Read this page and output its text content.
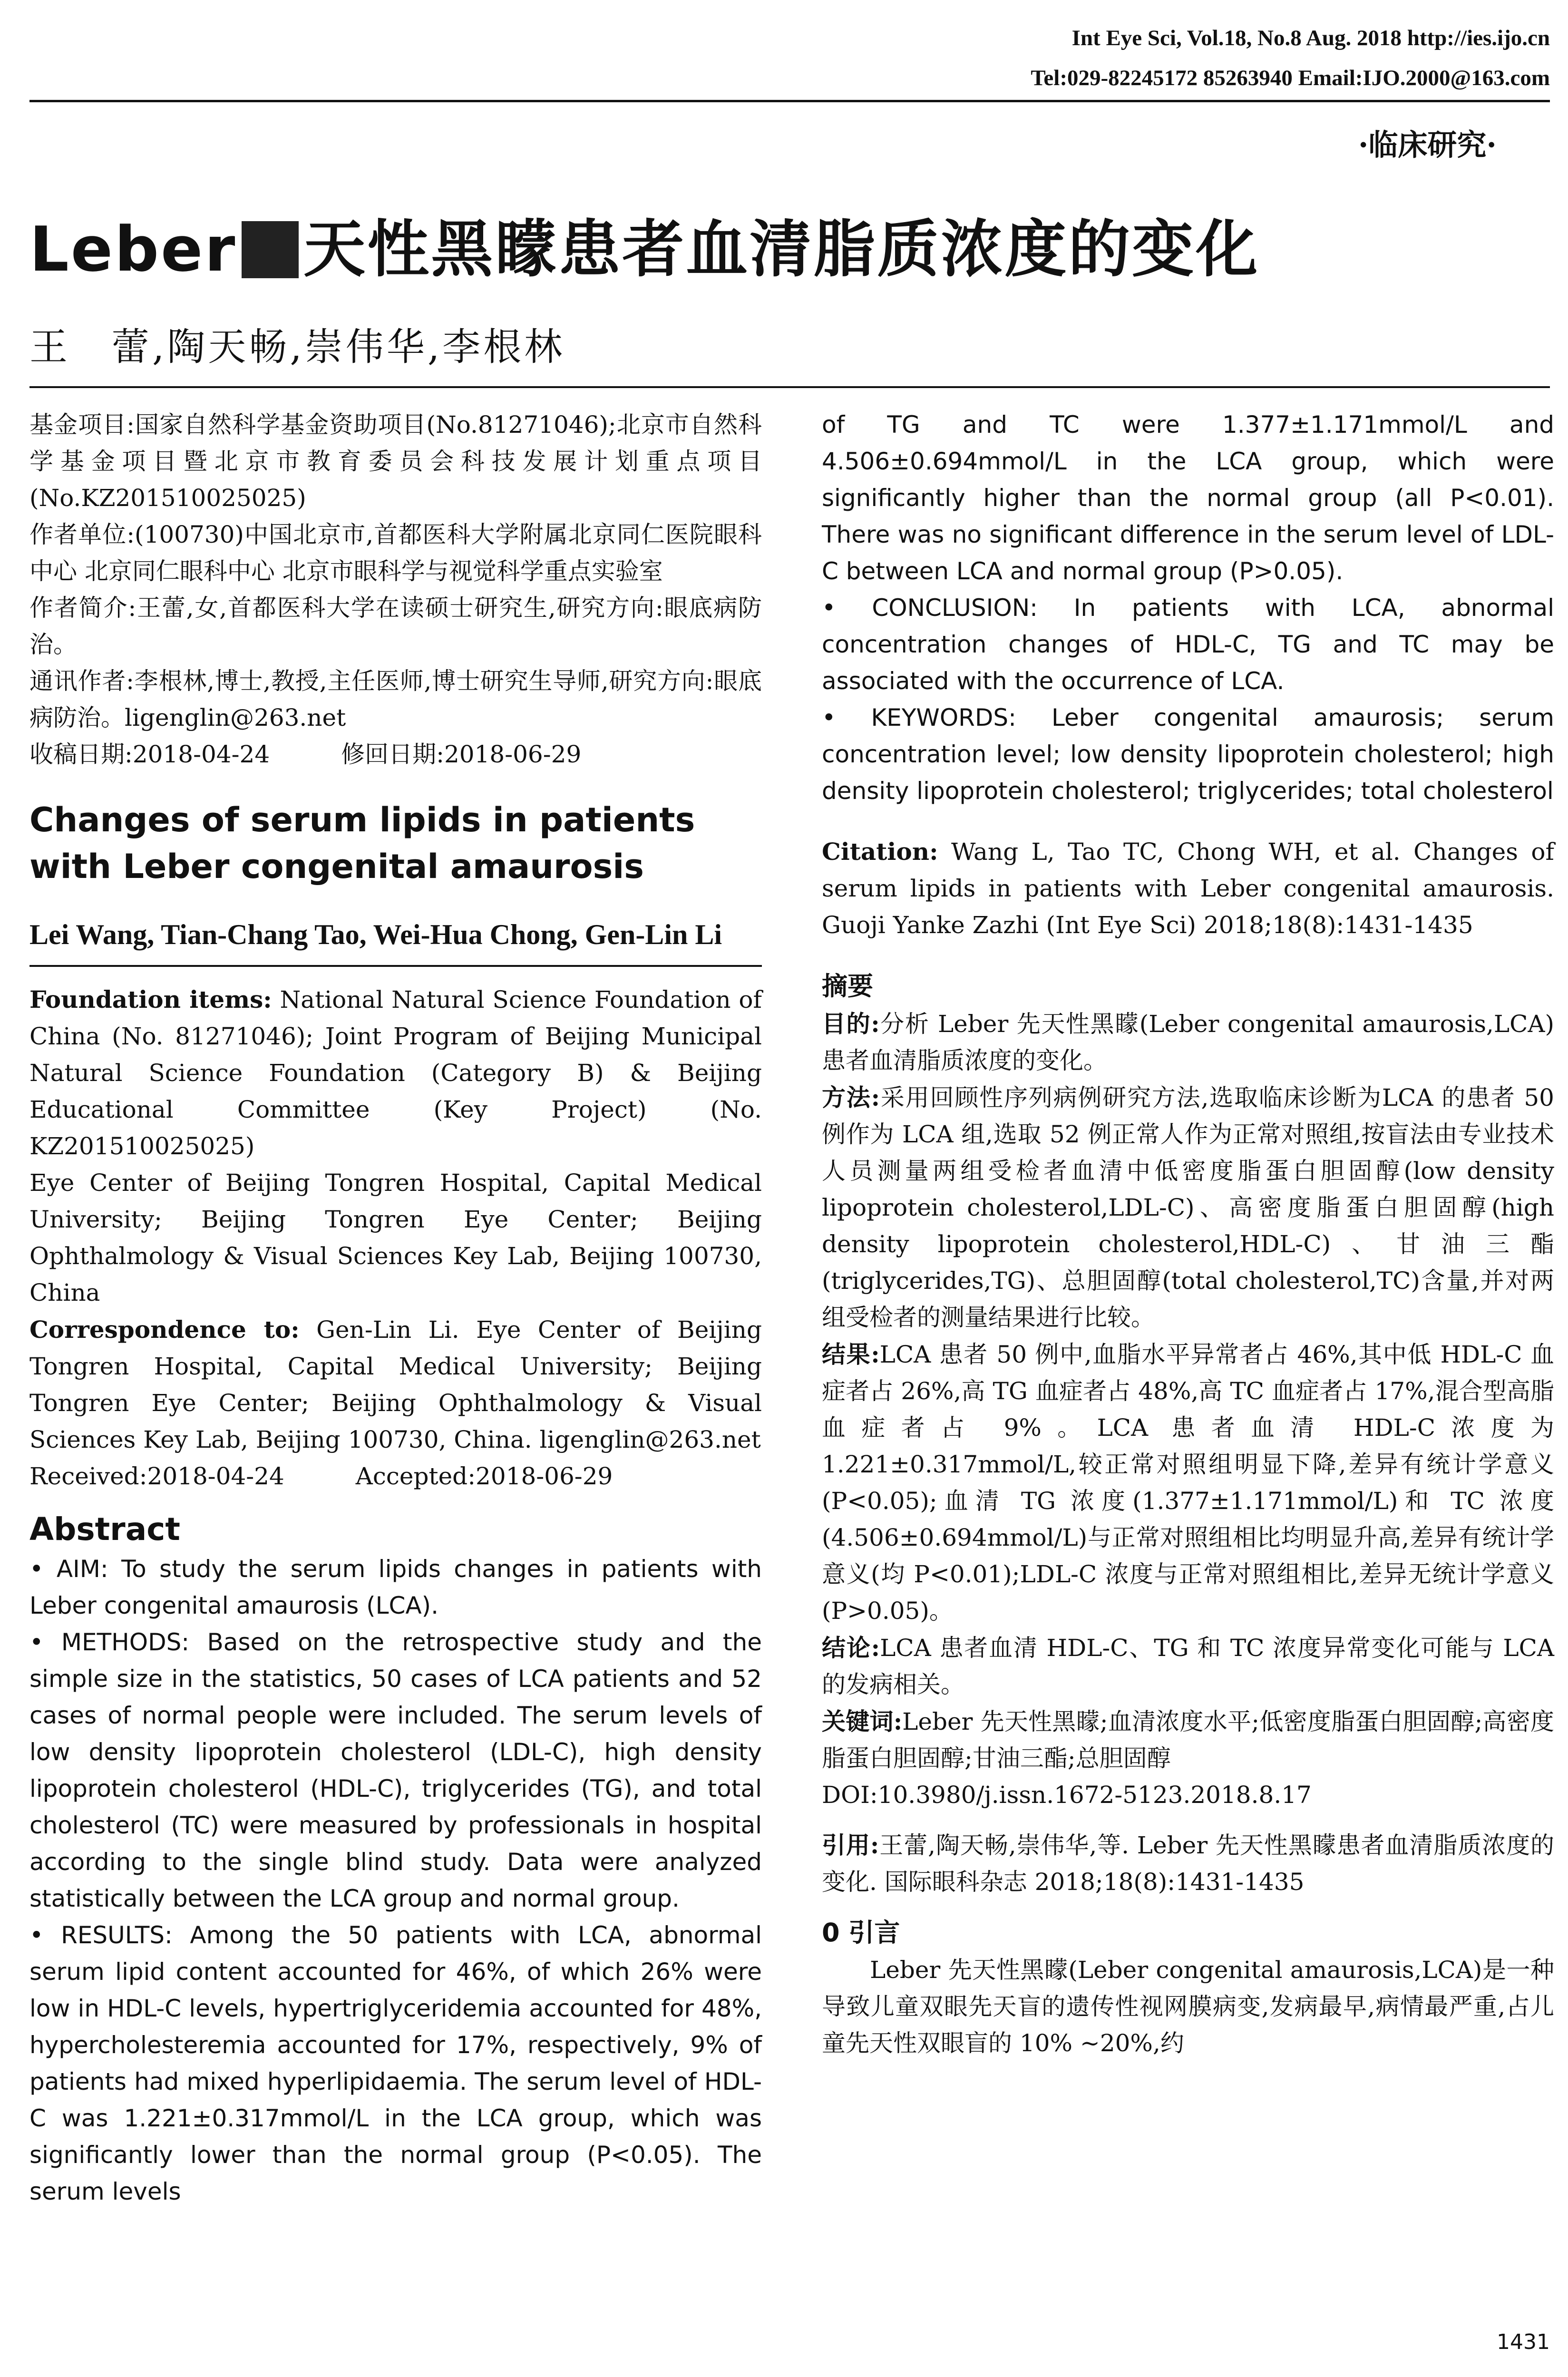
Int Eye Sci, Vol.18, No.8 Aug. 2018 http://ies.ijo.cn
Tel:029-82245172 85263940 Email:IJO.2000@163.com
·临床研究·
Leber 天性黑矇患者血清脂质浓度的变化
王　蕾,陶天畅,崇伟华,李根林

基金项目:国家自然科学基金资助项目(No.81271046);北京市自然科学基金项目暨北京市教育委员会科技发展计划重点项目(No.KZ201510025025)

作者单位:(100730)中国北京市,首都医科大学附属北京同仁医院眼科中心 北京同仁眼科中心 北京市眼科学与视觉科学重点实验室

作者简介:王蕾,女,首都医科大学在读硕士研究生,研究方向:眼底病防治。

通讯作者:李根林,博士,教授,主任医师,博士研究生导师,研究方向:眼底病防治。ligenglin@263.net

收稿日期:2018-04-24　　　修回日期:2018-06-29

Changes of serum lipids in patients with Leber congenital amaurosis

Lei Wang, Tian-Chang Tao, Wei-Hua Chong, Gen-Lin Li

Foundation items: National Natural Science Foundation of China (No. 81271046); Joint Program of Beijing Municipal Natural Science Foundation (Category B) & Beijing Educational Committee (Key Project) (No. KZ201510025025)

Eye Center of Beijing Tongren Hospital, Capital Medical University; Beijing Tongren Eye Center; Beijing Ophthalmology & Visual Sciences Key Lab, Beijing 100730, China

Correspondence to: Gen-Lin Li. Eye Center of Beijing Tongren Hospital, Capital Medical University; Beijing Tongren Eye Center; Beijing Ophthalmology & Visual Sciences Key Lab, Beijing 100730, China. ligenglin@263.net

Received:2018-04-24　　　Accepted:2018-06-29

Abstract

• AIM: To study the serum lipids changes in patients with Leber congenital amaurosis (LCA).

• METHODS: Based on the retrospective study and the simple size in the statistics, 50 cases of LCA patients and 52 cases of normal people were included. The serum levels of low density lipoprotein cholesterol (LDL-C), high density lipoprotein cholesterol (HDL-C), triglycerides (TG), and total cholesterol (TC) were measured by professionals in hospital according to the single blind study. Data were analyzed statistically between the LCA group and normal group.

• RESULTS: Among the 50 patients with LCA, abnormal serum lipid content accounted for 46%, of which 26% were low in HDL-C levels, hypertriglyceridemia accounted for 48%, hypercholesteremia accounted for 17%, respectively, 9% of patients had mixed hyperlipidaemia. The serum level of HDL-C was 1.221±0.317mmol/L in the LCA group, which was significantly lower than the normal group (P<0.05). The serum levels

of TG and TC were 1.377±1.171mmol/L and 4.506±0.694mmol/L in the LCA group, which were significantly higher than the normal group (all P<0.01). There was no significant difference in the serum level of LDL-C between LCA and normal group (P>0.05).

• CONCLUSION: In patients with LCA, abnormal concentration changes of HDL-C, TG and TC may be associated with the occurrence of LCA.

• KEYWORDS: Leber congenital amaurosis; serum concentration level; low density lipoprotein cholesterol; high density lipoprotein cholesterol; triglycerides; total cholesterol

Citation: Wang L, Tao TC, Chong WH, et al. Changes of serum lipids in patients with Leber congenital amaurosis. Guoji Yanke Zazhi (Int Eye Sci) 2018;18(8):1431-1435

摘要

目的:分析 Leber 先天性黑矇(Leber congenital amaurosis,LCA)患者血清脂质浓度的变化。

方法:采用回顾性序列病例研究方法,选取临床诊断为LCA 的患者 50 例作为 LCA 组,选取 52 例正常人作为正常对照组,按盲法由专业技术人员测量两组受检者血清中低密度脂蛋白胆固醇(low density lipoprotein cholesterol,LDL-C)、高密度脂蛋白胆固醇(high density lipoprotein cholesterol,HDL-C)、甘油三酯(triglycerides,TG)、总胆固醇(total cholesterol,TC)含量,并对两组受检者的测量结果进行比较。

结果:LCA 患者 50 例中,血脂水平异常者占 46%,其中低 HDL-C 血症者占 26%,高 TG 血症者占 48%,高 TC 血症者占 17%,混合型高脂血症者占 9%。LCA 患者血清 HDL-C浓度为 1.221±0.317mmol/L,较正常对照组明显下降,差异有统计学意义(P<0.05);血清 TG 浓度(1.377±1.171mmol/L)和 TC 浓度(4.506±0.694mmol/L)与正常对照组相比均明显升高,差异有统计学意义(均 P<0.01);LDL-C 浓度与正常对照组相比,差异无统计学意义(P>0.05)。

结论:LCA 患者血清 HDL-C、TG 和 TC 浓度异常变化可能与 LCA 的发病相关。

关键词:Leber 先天性黑矇;血清浓度水平;低密度脂蛋白胆固醇;高密度脂蛋白胆固醇;甘油三酯;总胆固醇

DOI:10.3980/j.issn.1672-5123.2018.8.17

引用:王蕾,陶天畅,崇伟华,等. Leber 先天性黑矇患者血清脂质浓度的变化. 国际眼科杂志 2018;18(8):1431-1435

0 引言

　　Leber 先天性黑矇(Leber congenital amaurosis,LCA)是一种导致儿童双眼先天盲的遗传性视网膜病变,发病最早,病情最严重,占儿童先天性双眼盲的 10% ~20%,约

1431
